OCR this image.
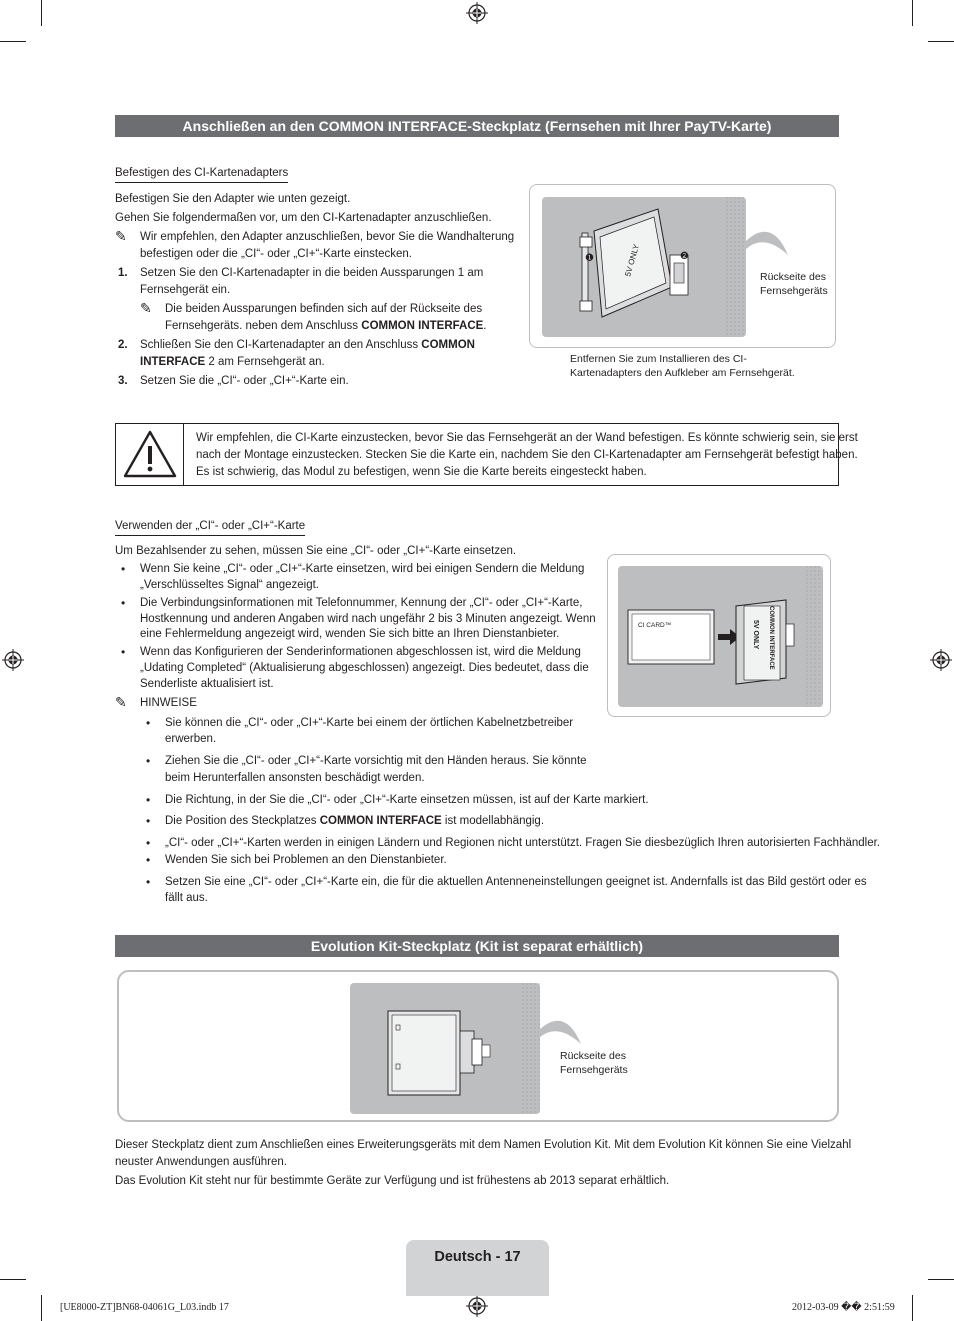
Anschließen an den COMMON INTERFACE-Steckplatz (Fernsehen mit Ihrer PayTV-Karte)
Befestigen des CI-Kartenadapters
Befestigen Sie den Adapter wie unten gezeigt.
Gehen Sie folgendermaßen vor, um den CI-Kartenadapter anzuschließen.
✎ Wir empfehlen, den Adapter anzuschließen, bevor Sie die Wandhalterung
befestigen oder die „CI“- oder „CI+“-Karte einstecken.
1. Setzen Sie den CI-Kartenadapter in die beiden Aussparungen 1 am
Fernsehgerät ein.
✎ Die beiden Aussparungen befinden sich auf der Rückseite des
Fernsehgeräts. neben dem Anschluss COMMON INTERFACE.
2. Schließen Sie den CI-Kartenadapter an den Anschluss COMMON
INTERFACE 2 am Fernsehgerät an.
3. Setzen Sie die „CI“- oder „CI+“-Karte ein.
5V ONLY
❶	❷
Rückseite des
Fernsehgeräts
Entfernen Sie zum Installieren des CI-
Kartenadapters den Aufkleber am Fernsehgerät.
Wir empfehlen, die CI-Karte einzustecken, bevor Sie das Fernsehgerät an der Wand befestigen. Es könnte schwierig sein, sie erst
nach der Montage einzustecken. Stecken Sie die Karte ein, nachdem Sie den CI-Kartenadapter am Fernsehgerät befestigt haben.
Es ist schwierig, das Modul zu befestigen, wenn Sie die Karte bereits eingesteckt haben.
Verwenden der „CI“- oder „CI+“-Karte
Um Bezahlsender zu sehen, müssen Sie eine „CI“- oder „CI+“-Karte einsetzen.
• Wenn Sie keine „CI“- oder „CI+“-Karte einsetzen, wird bei einigen Sendern die Meldung
„Verschlüsseltes Signal“ angezeigt.
• Die Verbindungsinformationen mit Telefonnummer, Kennung der „CI“- oder „CI+“-Karte,
Hostkennung und anderen Angaben wird nach ungefähr 2 bis 3 Minuten angezeigt. Wenn
eine Fehlermeldung angezeigt wird, wenden Sie sich bitte an Ihren Dienstanbieter.
• Wenn das Konfigurieren der Senderinformationen abgeschlossen ist, wird die Meldung
„Udating Completed“ (Aktualisierung abgeschlossen) angezeigt. Dies bedeutet, dass die
Senderliste aktualisiert ist.
✎ HINWEISE
• Sie können die „CI“- oder „CI+“-Karte bei einem der örtlichen Kabelnetzbetreiber
erwerben.
• Ziehen Sie die „CI“- oder „CI+“-Karte vorsichtig mit den Händen heraus. Sie könnte
beim Herunterfallen ansonsten beschädigt werden.
• Die Richtung, in der Sie die „CI“- oder „CI+“-Karte einsetzen müssen, ist auf der Karte markiert.
• Die Position des Steckplatzes COMMON INTERFACE ist modellabhängig.
• „CI“- oder „CI+“-Karten werden in einigen Ländern und Regionen nicht unterstützt. Fragen Sie diesbezüglich Ihren autorisierten Fachhändler.
• Wenden Sie sich bei Problemen an den Dienstanbieter.
• Setzen Sie eine „CI“- oder „CI+“-Karte ein, die für die aktuellen Antenneneinstellungen geeignet ist. Andernfalls ist das Bild gestört oder es
fällt aus.
CI CARD™	COMMON INTERFACE
5V ONLY
Evolution Kit-Steckplatz (Kit ist separat erhältlich)
Rückseite des
Fernsehgeräts
Dieser Steckplatz dient zum Anschließen eines Erweiterungsgeräts mit dem Namen Evolution Kit. Mit dem Evolution Kit können Sie eine Vielzahl
neuster Anwendungen ausführen.
Das Evolution Kit steht nur für bestimmte Geräte zur Verfügung und ist frühestens ab 2013 separat erhältlich.
Deutsch - 17
[UE8000-ZT]BN68-04061G_L03.indb 17	2012-03-09 �� 2:51:59
